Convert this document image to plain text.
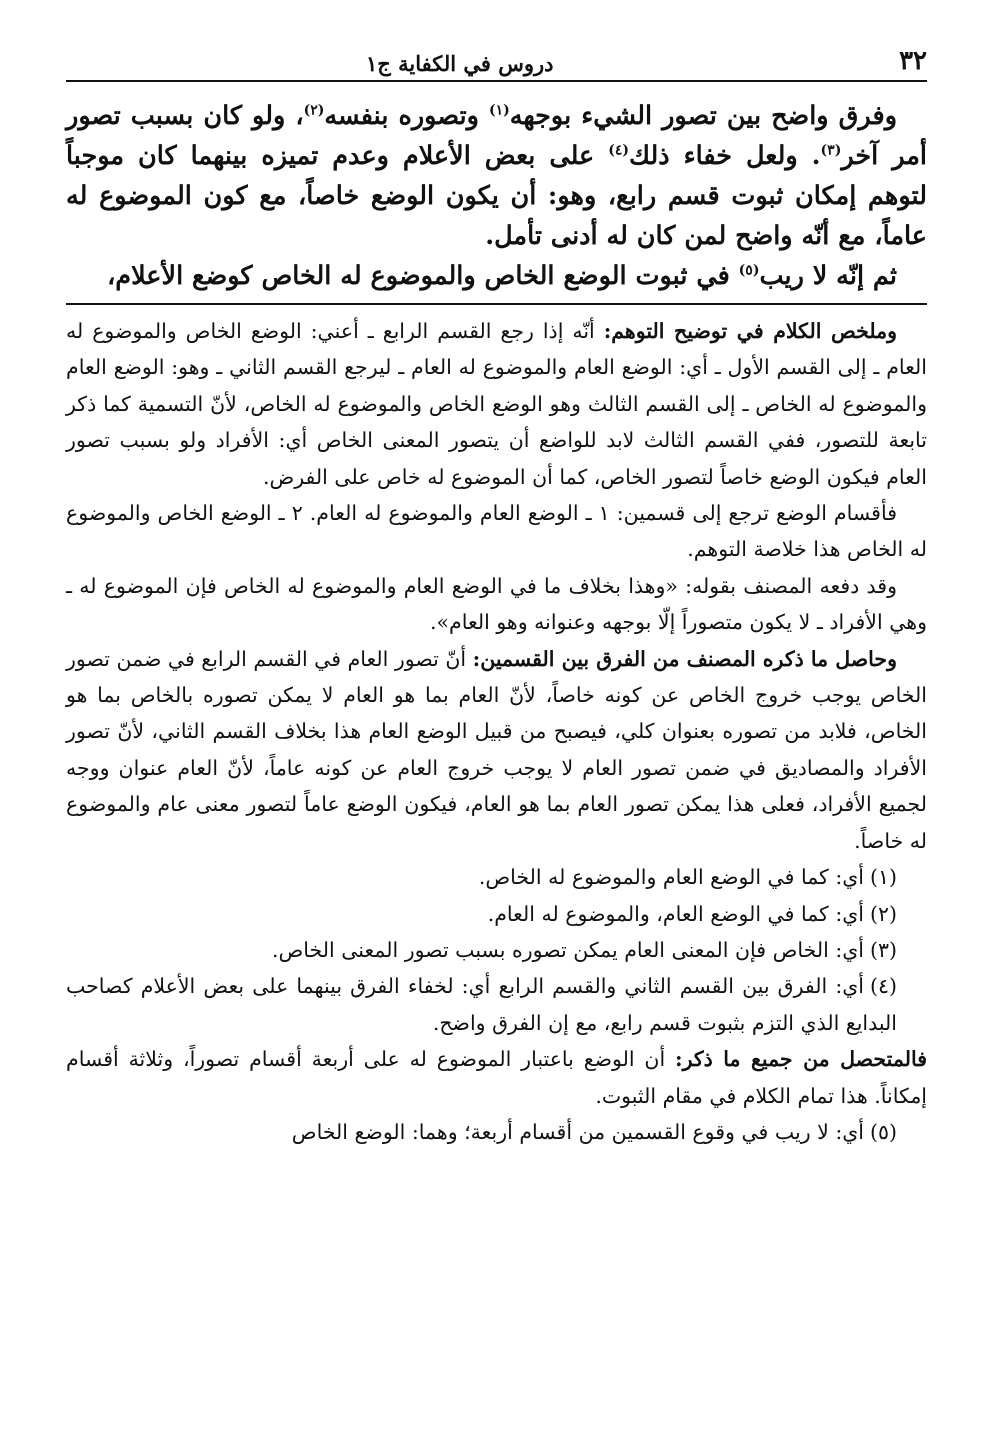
٣٢
دروس في الكفاية ج١

وفرق واضح بين تصور الشيء بوجهه$^{(١)}$ وتصوره بنفسه$^{(٢)}$، ولو كان بسبب تصور أمر آخر$^{(٣)}$. ولعل خفاء ذلك$^{(٤)}$ على بعض الأعلام وعدم تميزه بينهما كان موجباً لتوهم إمكان ثبوت قسم رابع، وهو: أن يكون الوضع خاصاً، مع كون الموضوع له عاماً، مع أنّه واضح لمن كان له أدنى تأمل.

ثم إنّه لا ريب$^{(٥)}$ في ثبوت الوضع الخاص والموضوع له الخاص كوضع الأعلام،

وملخص الكلام في توضيح التوهم: أنّه إذا رجع القسم الرابع ـ أعني: الوضع الخاص والموضوع له العام ـ إلى القسم الأول ـ أي: الوضع العام والموضوع له العام ـ ليرجع القسم الثاني ـ وهو: الوضع العام والموضوع له الخاص ـ إلى القسم الثالث وهو الوضع الخاص والموضوع له الخاص، لأنّ التسمية كما ذكر تابعة للتصور، ففي القسم الثالث لابد للواضع أن يتصور المعنى الخاص أي: الأفراد ولو بسبب تصور العام فيكون الوضع خاصاً لتصور الخاص، كما أن الموضوع له خاص على الفرض.

فأقسام الوضع ترجع إلى قسمين: ١ ـ الوضع العام والموضوع له العام. ٢ ـ الوضع الخاص والموضوع له الخاص هذا خلاصة التوهم.

وقد دفعه المصنف بقوله: «وهذا بخلاف ما في الوضع العام والموضوع له الخاص فإن الموضوع له ـ وهي الأفراد ـ لا يكون متصوراً إلّا بوجهه وعنوانه وهو العام».

وحاصل ما ذكره المصنف من الفرق بين القسمين: أنّ تصور العام في القسم الرابع في ضمن تصور الخاص يوجب خروج الخاص عن كونه خاصاً، لأنّ العام بما هو العام لا يمكن تصوره بالخاص بما هو الخاص، فلابد من تصوره بعنوان كلي، فيصبح من قبيل الوضع العام هذا بخلاف القسم الثاني، لأنّ تصور الأفراد والمصاديق في ضمن تصور العام لا يوجب خروج العام عن كونه عاماً، لأنّ العام عنوان ووجه لجميع الأفراد، فعلى هذا يمكن تصور العام بما هو العام، فيكون الوضع عاماً لتصور معنى عام والموضوع له خاصاً.

(١)أي: كما في الوضع العام والموضوع له الخاص.

(٢)أي: كما في الوضع العام، والموضوع له العام.

(٣)أي: الخاص فإن المعنى العام يمكن تصوره بسبب تصور المعنى الخاص.

(٤)أي: الفرق بين القسم الثاني والقسم الرابع أي: لخفاء الفرق بينهما على بعض الأعلام كصاحب البدايع الذي التزم بثبوت قسم رابع، مع إن الفرق واضح.

فالمتحصل من جميع ما ذكر: أن الوضع باعتبار الموضوع له على أربعة أقسام تصوراً، وثلاثة أقسام إمكاناً. هذا تمام الكلام في مقام الثبوت.

(٥)أي: لا ريب في وقوع القسمين من أقسام أربعة؛ وهما: الوضع الخاص
